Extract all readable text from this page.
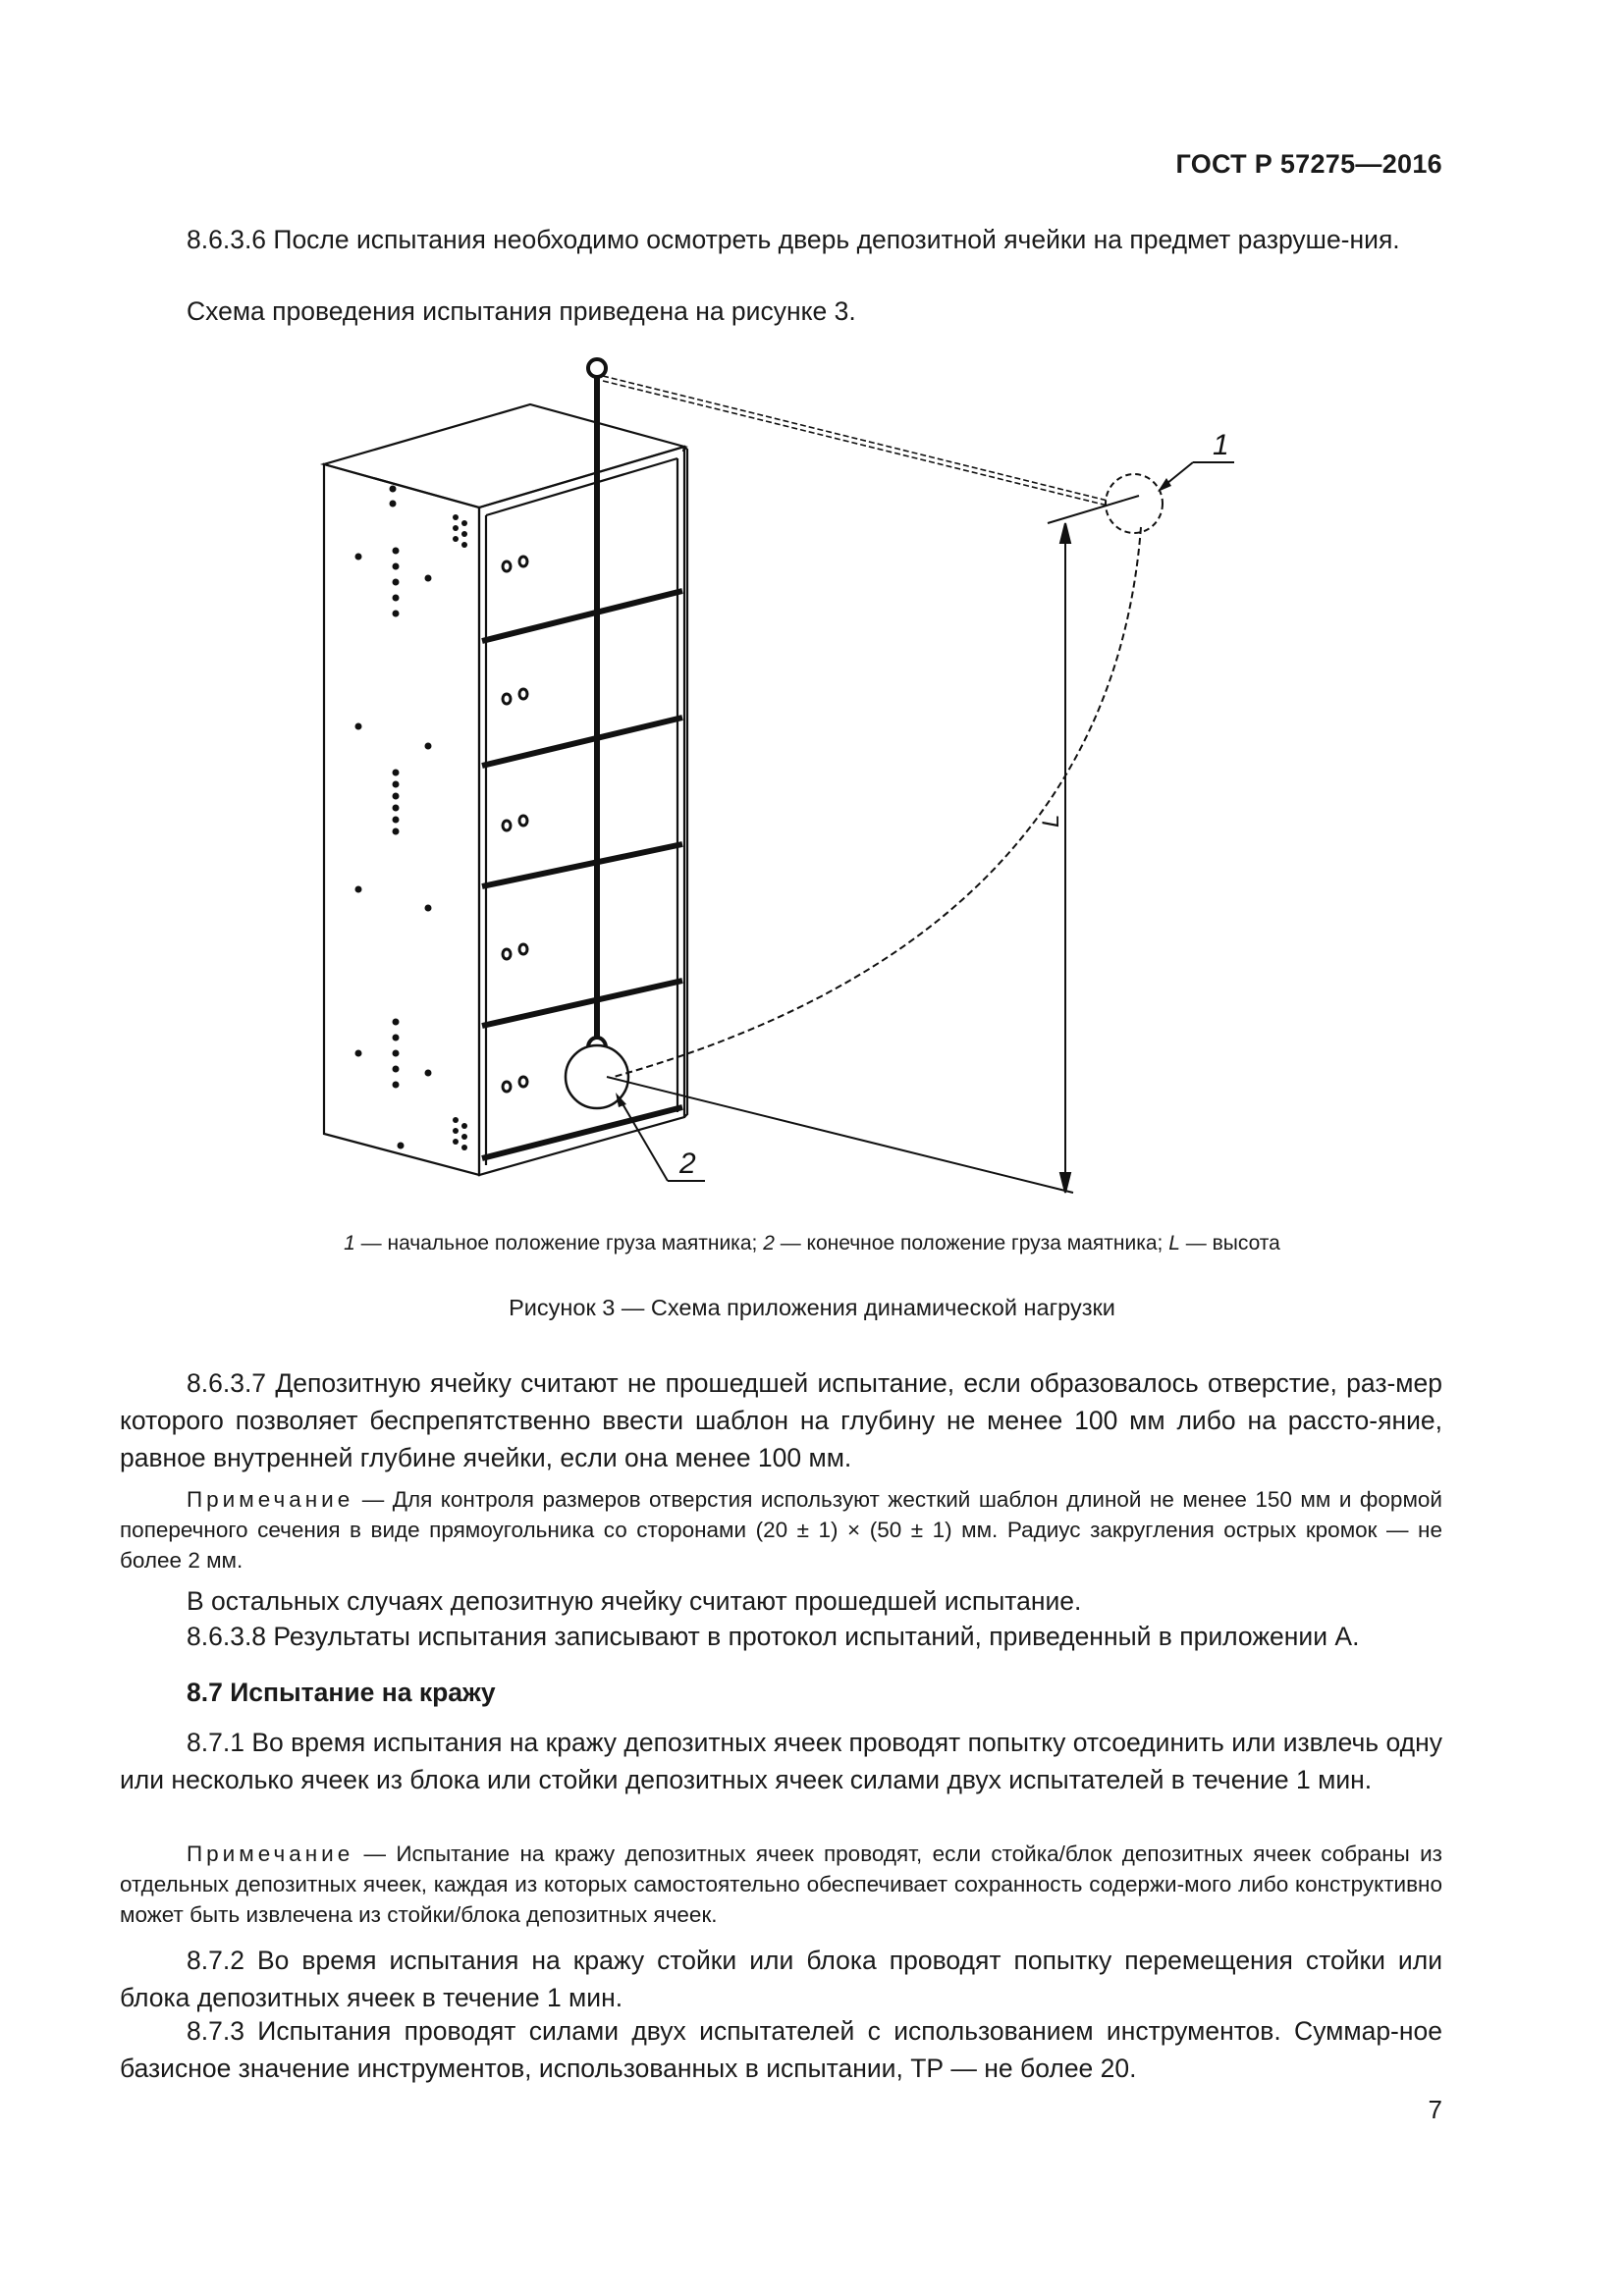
ГОСТ Р 57275—2016

8.6.3.6 После испытания необходимо осмотреть дверь депозитной ячейки на предмет разруше-ния.

Схема проведения испытания приведена на рисунке 3.

L
1
2
1 — начальное положение груза маятника; 2 — конечное положение груза маятника; L — высота
Рисунок 3 — Схема приложения динамической нагрузки

8.6.3.7 Депозитную ячейку считают не прошедшей испытание, если образовалось отверстие, раз-мер которого позволяет беспрепятственно ввести шаблон на глубину не менее 100 мм либо на рассто-яние, равное внутренней глубине ячейки, если она менее 100 мм.

Примечание — Для контроля размеров отверстия используют жесткий шаблон длиной не менее 150 мм и формой поперечного сечения в виде прямоугольника со сторонами (20 ± 1) × (50 ± 1) мм. Радиус закругления острых кромок — не более 2 мм.

В остальных случаях депозитную ячейку считают прошедшей испытание.

8.6.3.8 Результаты испытания записывают в протокол испытаний, приведенный в приложении А.

8.7 Испытание на кражу

8.7.1 Во время испытания на кражу депозитных ячеек проводят попытку отсоединить или извлечь одну или несколько ячеек из блока или стойки депозитных ячеек силами двух испытателей в течение 1 мин.

Примечание — Испытание на кражу депозитных ячеек проводят, если стойка/блок депозитных ячеек собраны из отдельных депозитных ячеек, каждая из которых самостоятельно обеспечивает сохранность содержи-мого либо конструктивно может быть извлечена из стойки/блока депозитных ячеек.

8.7.2 Во время испытания на кражу стойки или блока проводят попытку перемещения стойки или блока депозитных ячеек в течение 1 мин.

8.7.3 Испытания проводят силами двух испытателей с использованием инструментов. Суммар-ное базисное значение инструментов, использованных в испытании, ТР — не более 20.

7
